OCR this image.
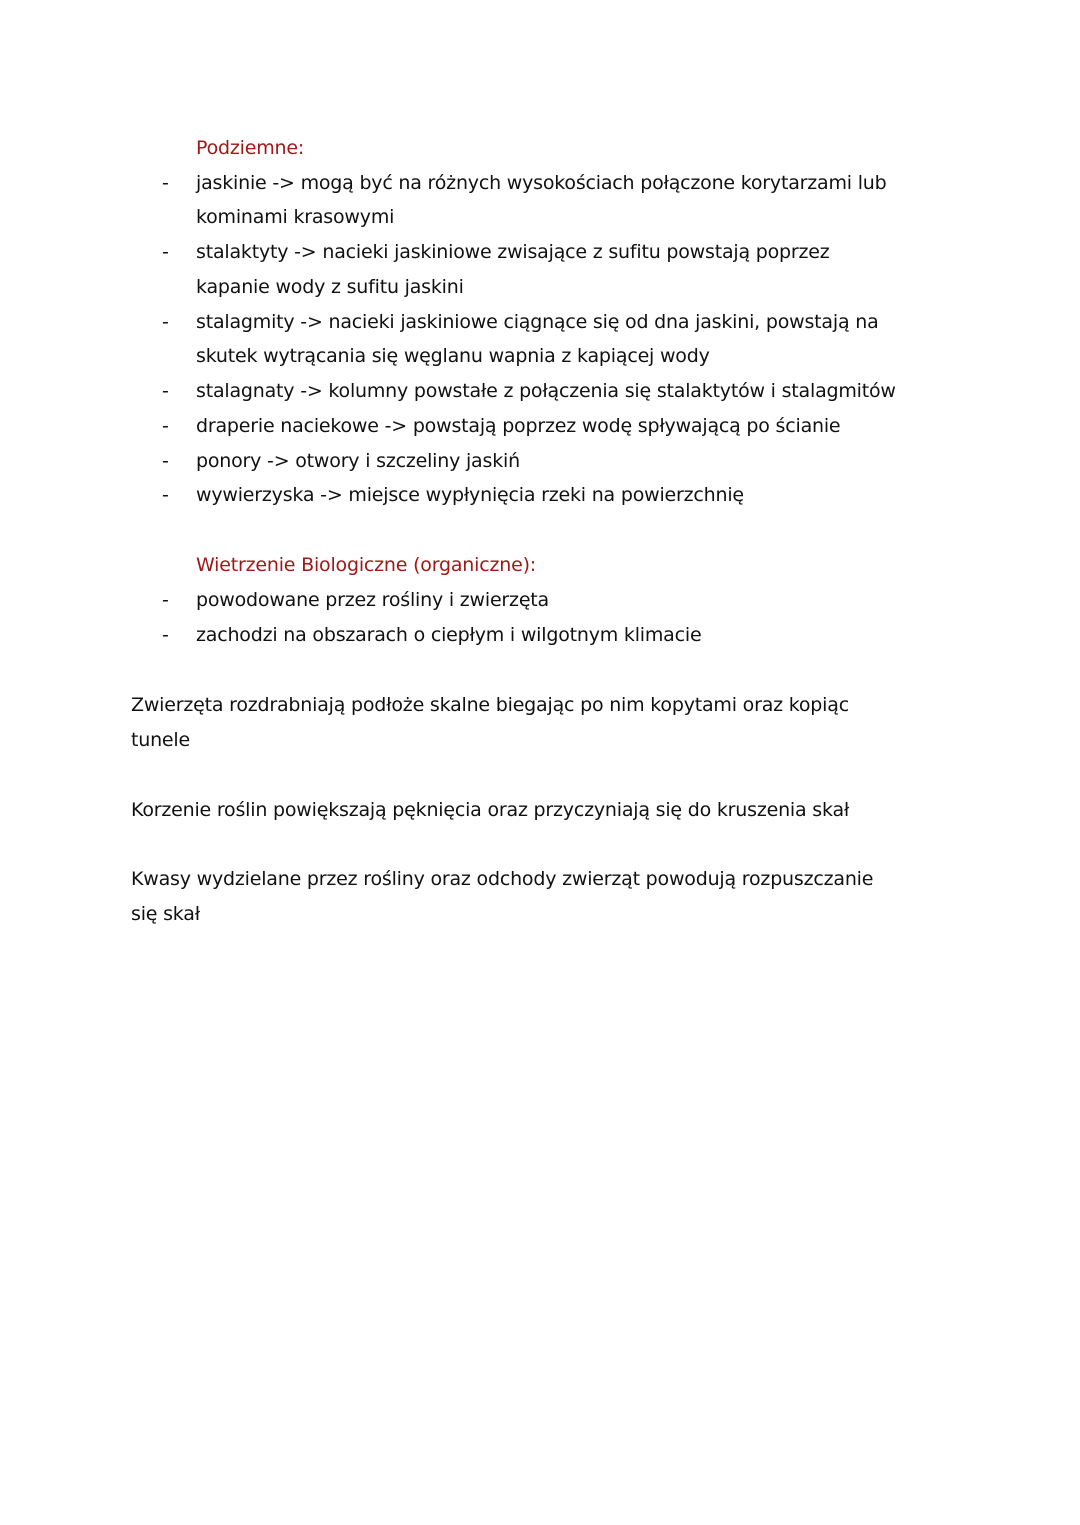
Podziemne:
- jaskinie -> mogą być na różnych wysokościach połączone korytarzami lub
kominami krasowymi
- stalaktyty -> nacieki jaskiniowe zwisające z sufitu powstają poprzez
kapanie wody z sufitu jaskini
- stalagmity -> nacieki jaskiniowe ciągnące się od dna jaskini, powstają na
skutek wytrącania się węglanu wapnia z kapiącej wody
- stalagnaty -> kolumny powstałe z połączenia się stalaktytów i stalagmitów
- draperie naciekowe -> powstają poprzez wodę spływającą po ścianie
- ponory -> otwory i szczeliny jaskiń
- wywierzyska -> miejsce wypłynięcia rzeki na powierzchnię
Wietrzenie Biologiczne (organiczne):
- powodowane przez rośliny i zwierzęta
- zachodzi na obszarach o ciepłym i wilgotnym klimacie
Zwierzęta rozdrabniają podłoże skalne biegając po nim kopytami oraz kopiąc
tunele
Korzenie roślin powiększają pęknięcia oraz przyczyniają się do kruszenia skał
Kwasy wydzielane przez rośliny oraz odchody zwierząt powodują rozpuszczanie
się skał
